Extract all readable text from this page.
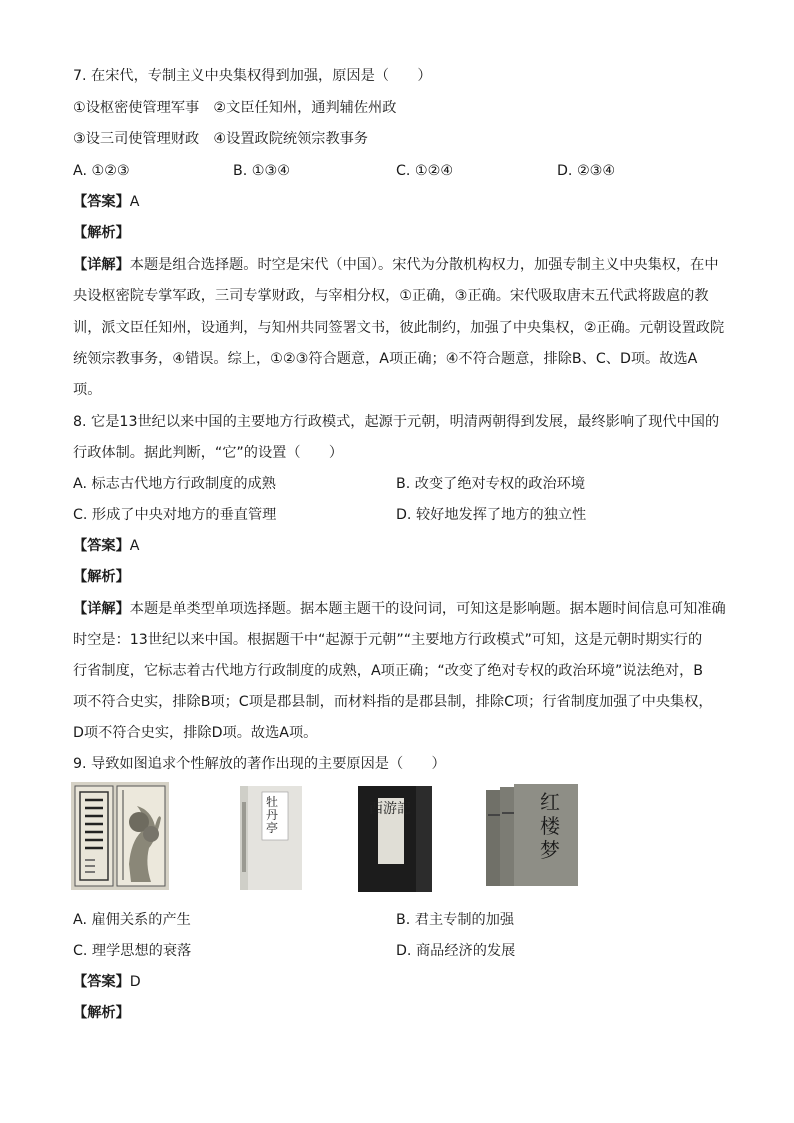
7. 在宋代，专制主义中央集权得到加强，原因是（　　）
①设枢密使管理军事　②文臣任知州，通判辅佐州政
③设三司使管理财政　④设置政院统领宗教事务
A. ①②③	B. ①③④	C. ①②④	D. ②③④
【答案】A
【解析】
【详解】本题是组合选择题。时空是宋代（中国）。宋代为分散机构权力，加强专制主义中央集权，在中
央设枢密院专掌军政，三司专掌财政，与宰相分权，①正确，③正确。宋代吸取唐末五代武将跋扈的教
训，派文臣任知州，设通判，与知州共同签署文书，彼此制约，加强了中央集权，②正确。元朝设置政院
统领宗教事务，④错误。综上，①②③符合题意，A项正确；④不符合题意，排除B、C、D项。故选A
项。
8. 它是13世纪以来中国的主要地方行政模式，起源于元朝，明清两朝得到发展，最终影响了现代中国的
行政体制。据此判断，“它”的设置（　　）
A. 标志古代地方行政制度的成熟	B. 改变了绝对专权的政治环境
C. 形成了中央对地方的垂直管理	D. 较好地发挥了地方的独立性
【答案】A
【解析】
【详解】本题是单类型单项选择题。据本题主题干的设问词，可知这是影响题。据本题时间信息可知准确
时空是：13世纪以来中国。根据题干中“起源于元朝”“主要地方行政模式”可知，这是元朝时期实行的
行省制度，它标志着古代地方行政制度的成熟，A项正确；“改变了绝对专权的政治环境”说法绝对，B
项不符合史实，排除B项；C项是郡县制，而材料指的是郡县制，排除C项；行省制度加强了中央集权，
D项不符合史实，排除D项。故选A项。
9. 导致如图追求个性解放的著作出现的主要原因是（　　）
牡丹亭
西游記	红楼梦
A. 雇佣关系的产生	B. 君主专制的加强
C. 理学思想的衰落	D. 商品经济的发展
【答案】D
【解析】
